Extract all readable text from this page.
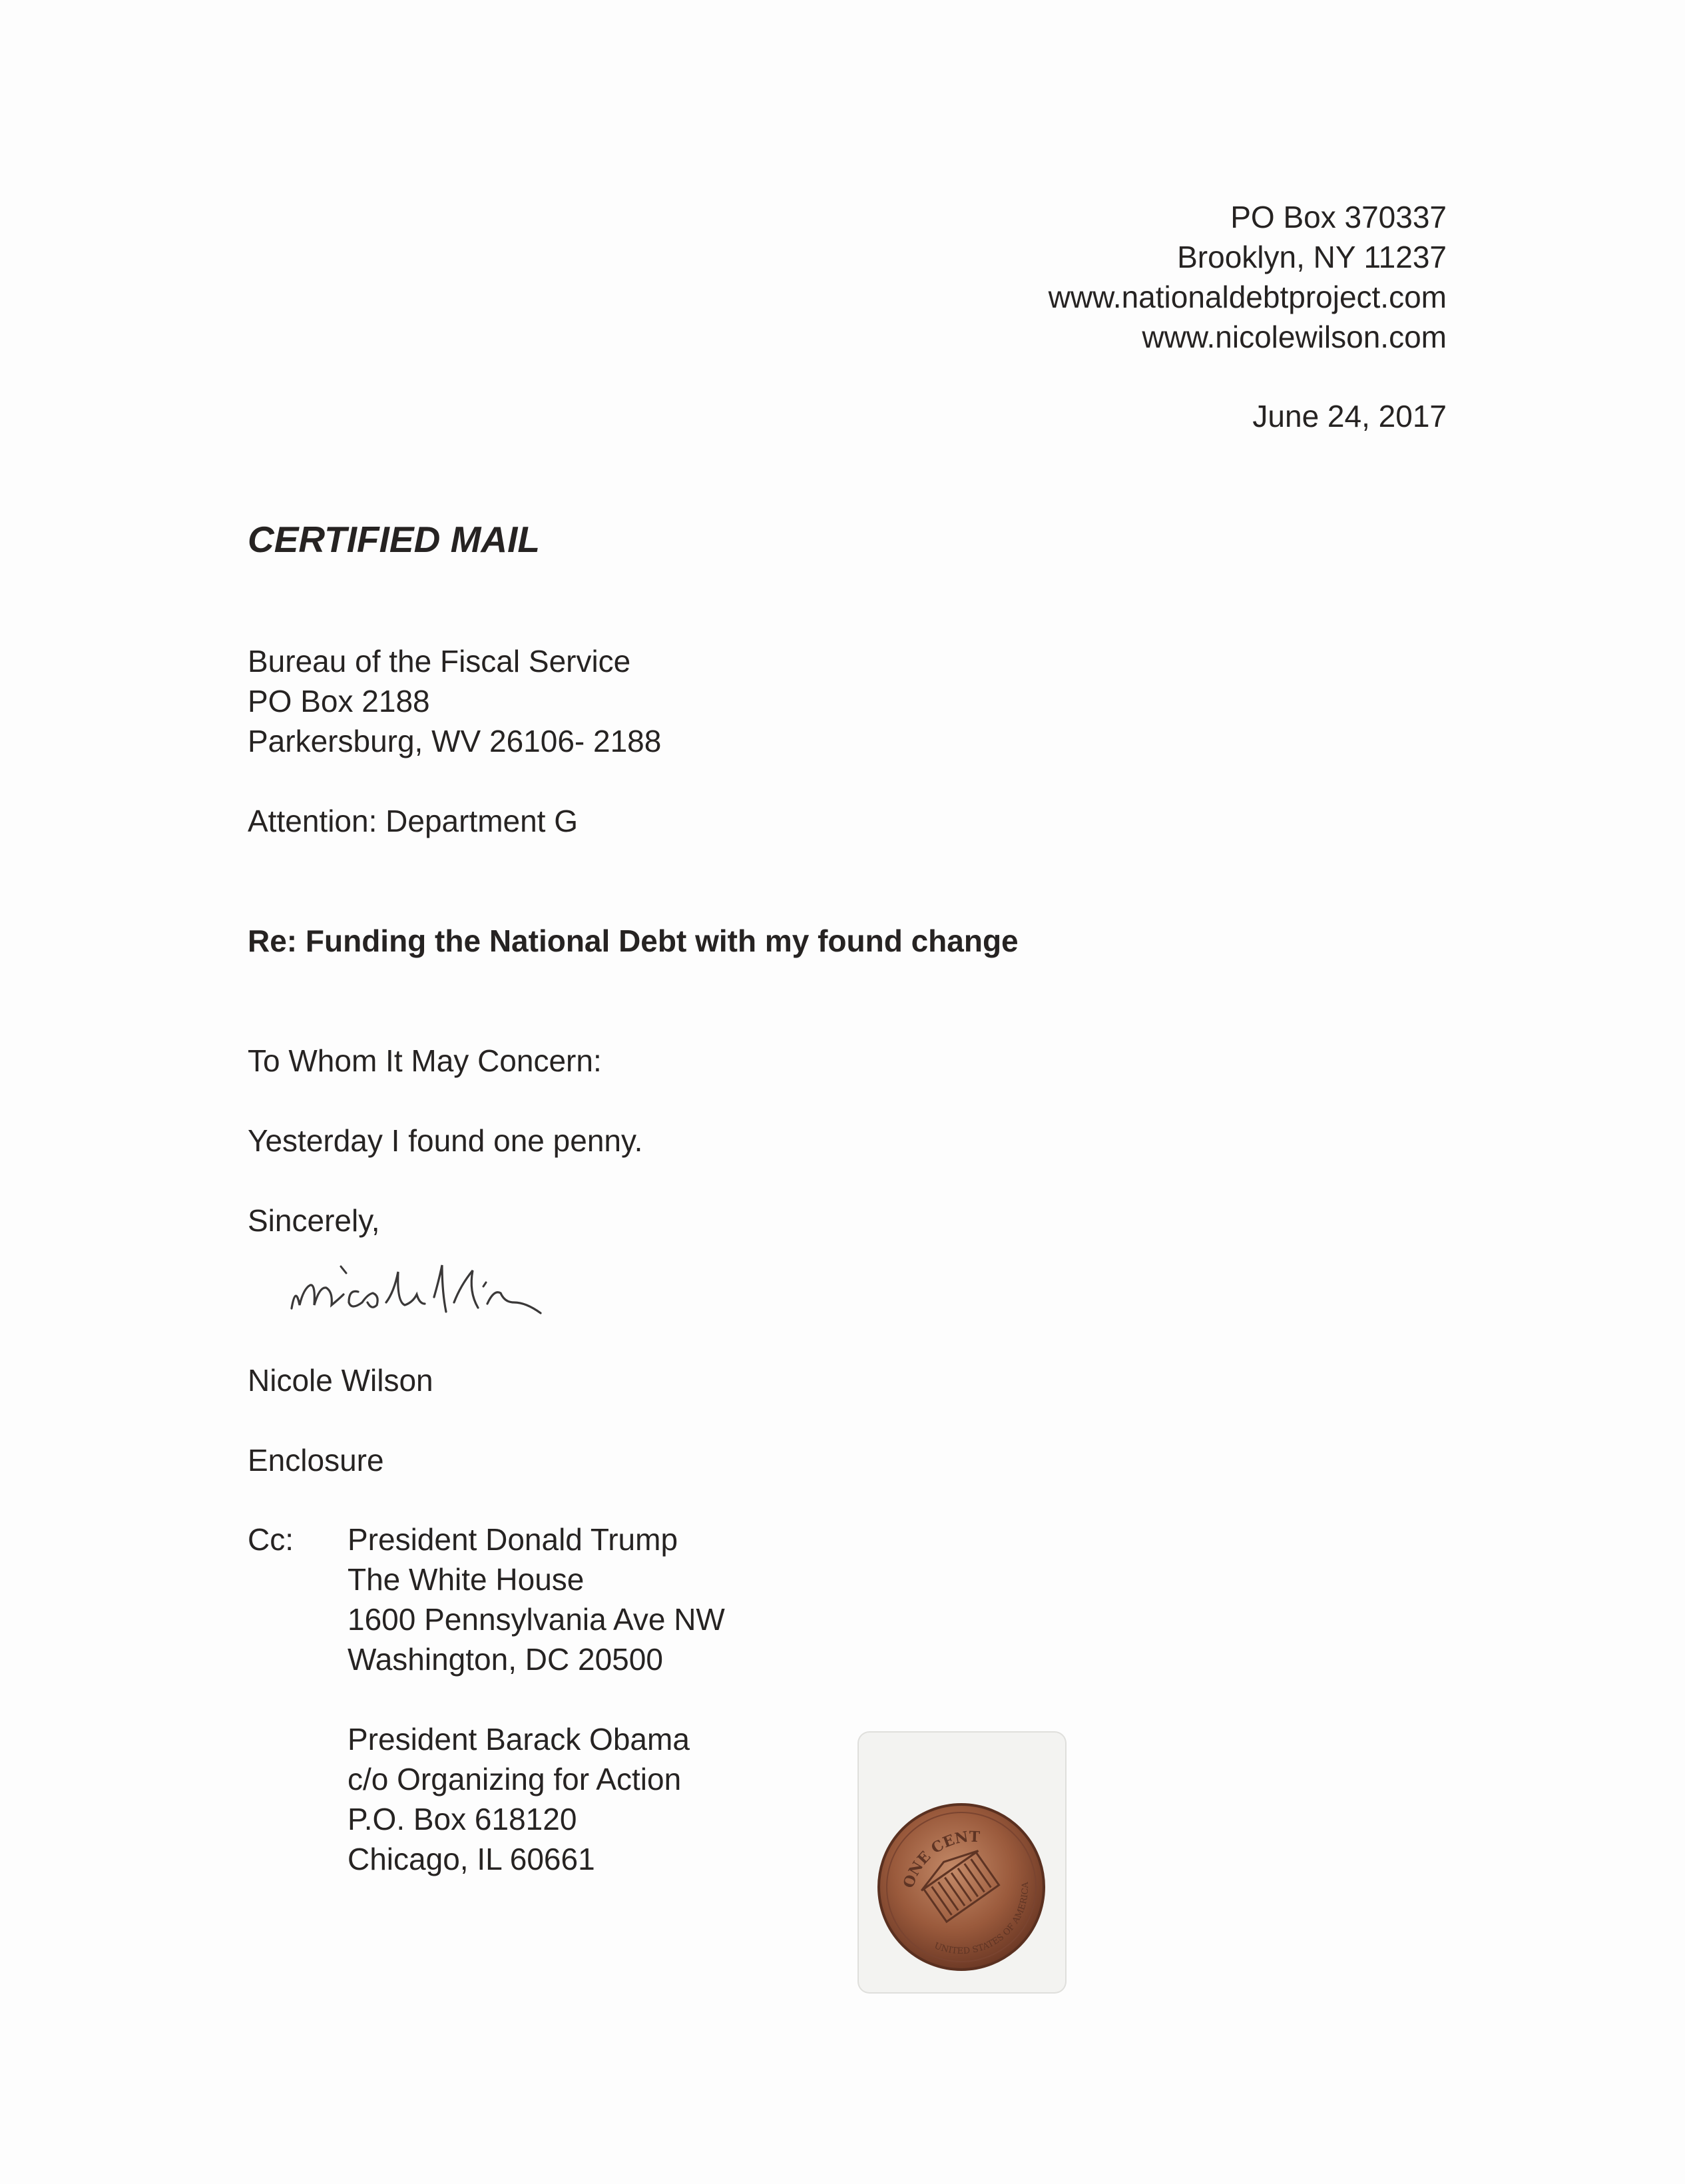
PO Box 370337
Brooklyn, NY 11237
www.nationaldebtproject.com
www.nicolewilson.com
June 24, 2017
CERTIFIED MAIL
Bureau of the Fiscal Service
PO Box 2188
Parkersburg, WV 26106- 2188
Attention: Department G
Re: Funding the National Debt with my found change
To Whom It May Concern:
Yesterday I found one penny.
Sincerely,
Nicole Wilson
Enclosure
Cc: President Donald Trump
The White House
1600 Pennsylvania Ave NW
Washington, DC 20500
President Barack Obama
c/o Organizing for Action
P.O. Box 618120
Chicago, IL 60661
ONE CENT
UNITED STATES OF AMERICA
